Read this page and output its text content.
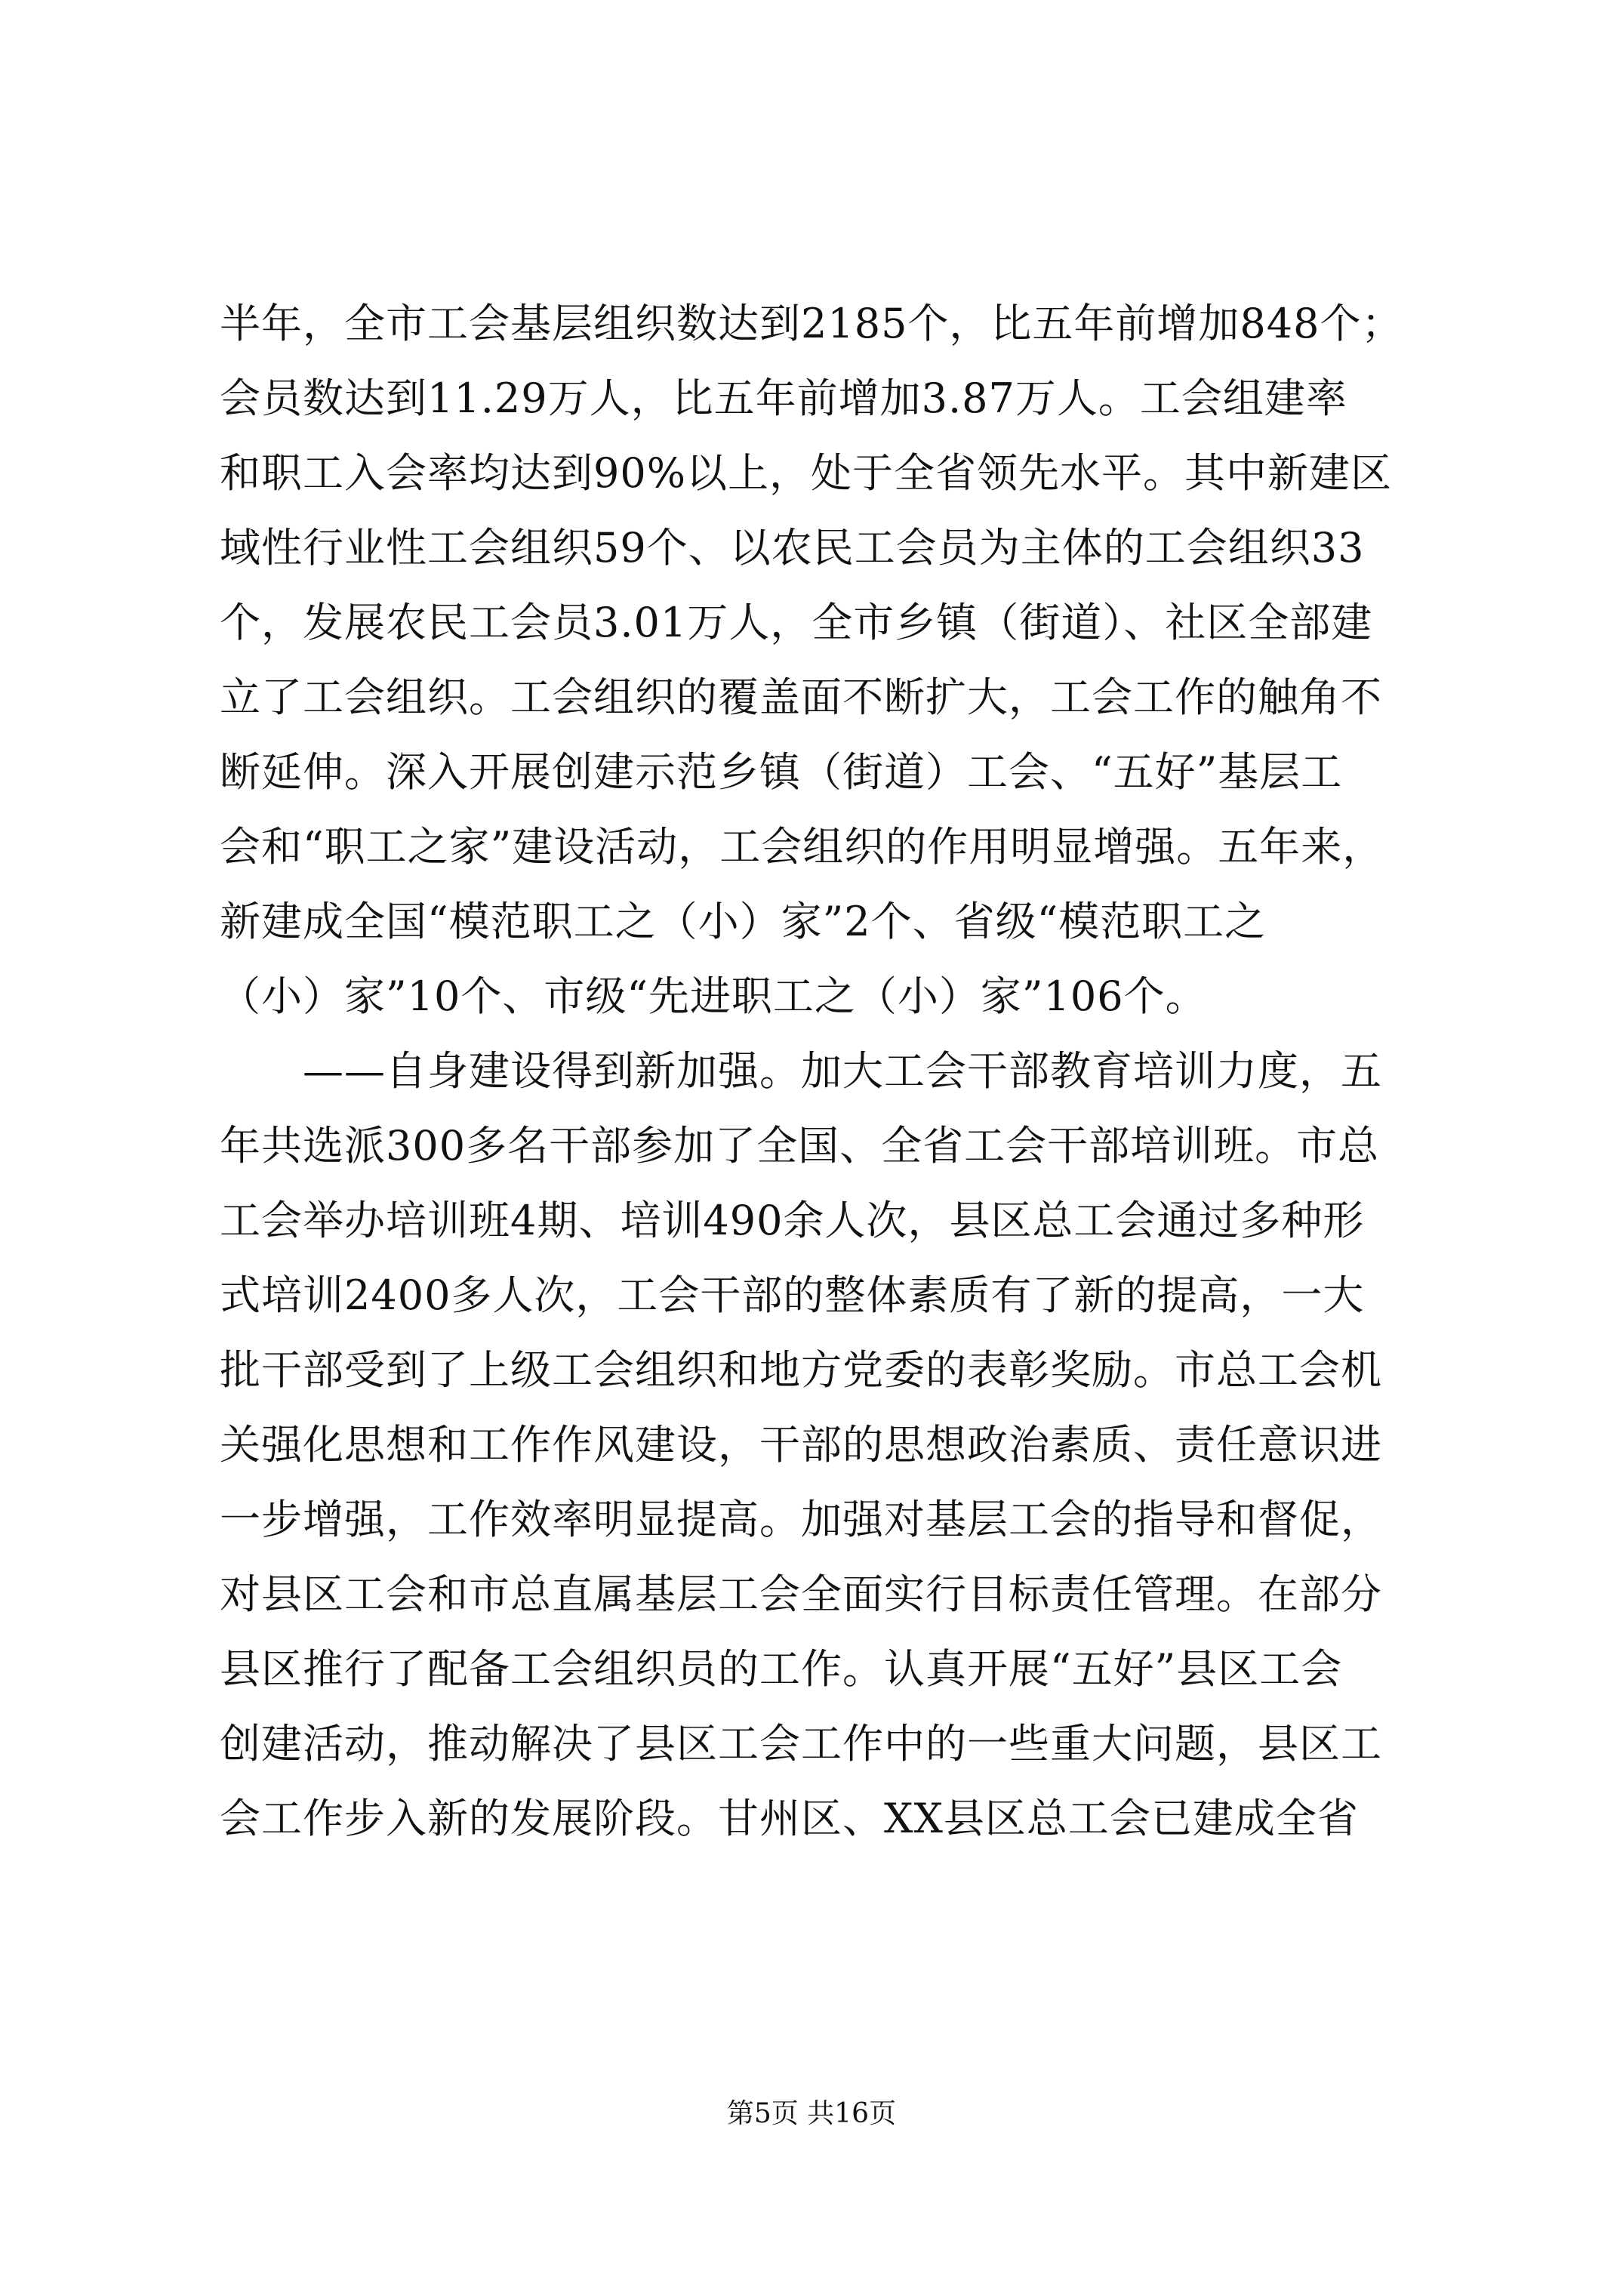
半年，全市工会基层组织数达到2185个，比五年前增加848个；
会员数达到11.29万人，比五年前增加3.87万人。工会组建率
和职工入会率均达到90%以上，处于全省领先水平。其中新建区
域性行业性工会组织59个、以农民工会员为主体的工会组织33
个，发展农民工会员3.01万人，全市乡镇（街道）、社区全部建
立了工会组织。工会组织的覆盖面不断扩大，工会工作的触角不
断延伸。深入开展创建示范乡镇（街道）工会、“五好”基层工
会和“职工之家”建设活动，工会组织的作用明显增强。五年来，
新建成全国“模范职工之（小）家”2个、省级“模范职工之
（小）家”10个、市级“先进职工之（小）家”106个。
——自身建设得到新加强。加大工会干部教育培训力度，五
年共选派300多名干部参加了全国、全省工会干部培训班。市总
工会举办培训班4期、培训490余人次，县区总工会通过多种形
式培训2400多人次，工会干部的整体素质有了新的提高，一大
批干部受到了上级工会组织和地方党委的表彰奖励。市总工会机
关强化思想和工作作风建设，干部的思想政治素质、责任意识进
一步增强，工作效率明显提高。加强对基层工会的指导和督促，
对县区工会和市总直属基层工会全面实行目标责任管理。在部分
县区推行了配备工会组织员的工作。认真开展“五好”县区工会
创建活动，推动解决了县区工会工作中的一些重大问题，县区工
会工作步入新的发展阶段。甘州区、XX县区总工会已建成全省
第5页 共16页
